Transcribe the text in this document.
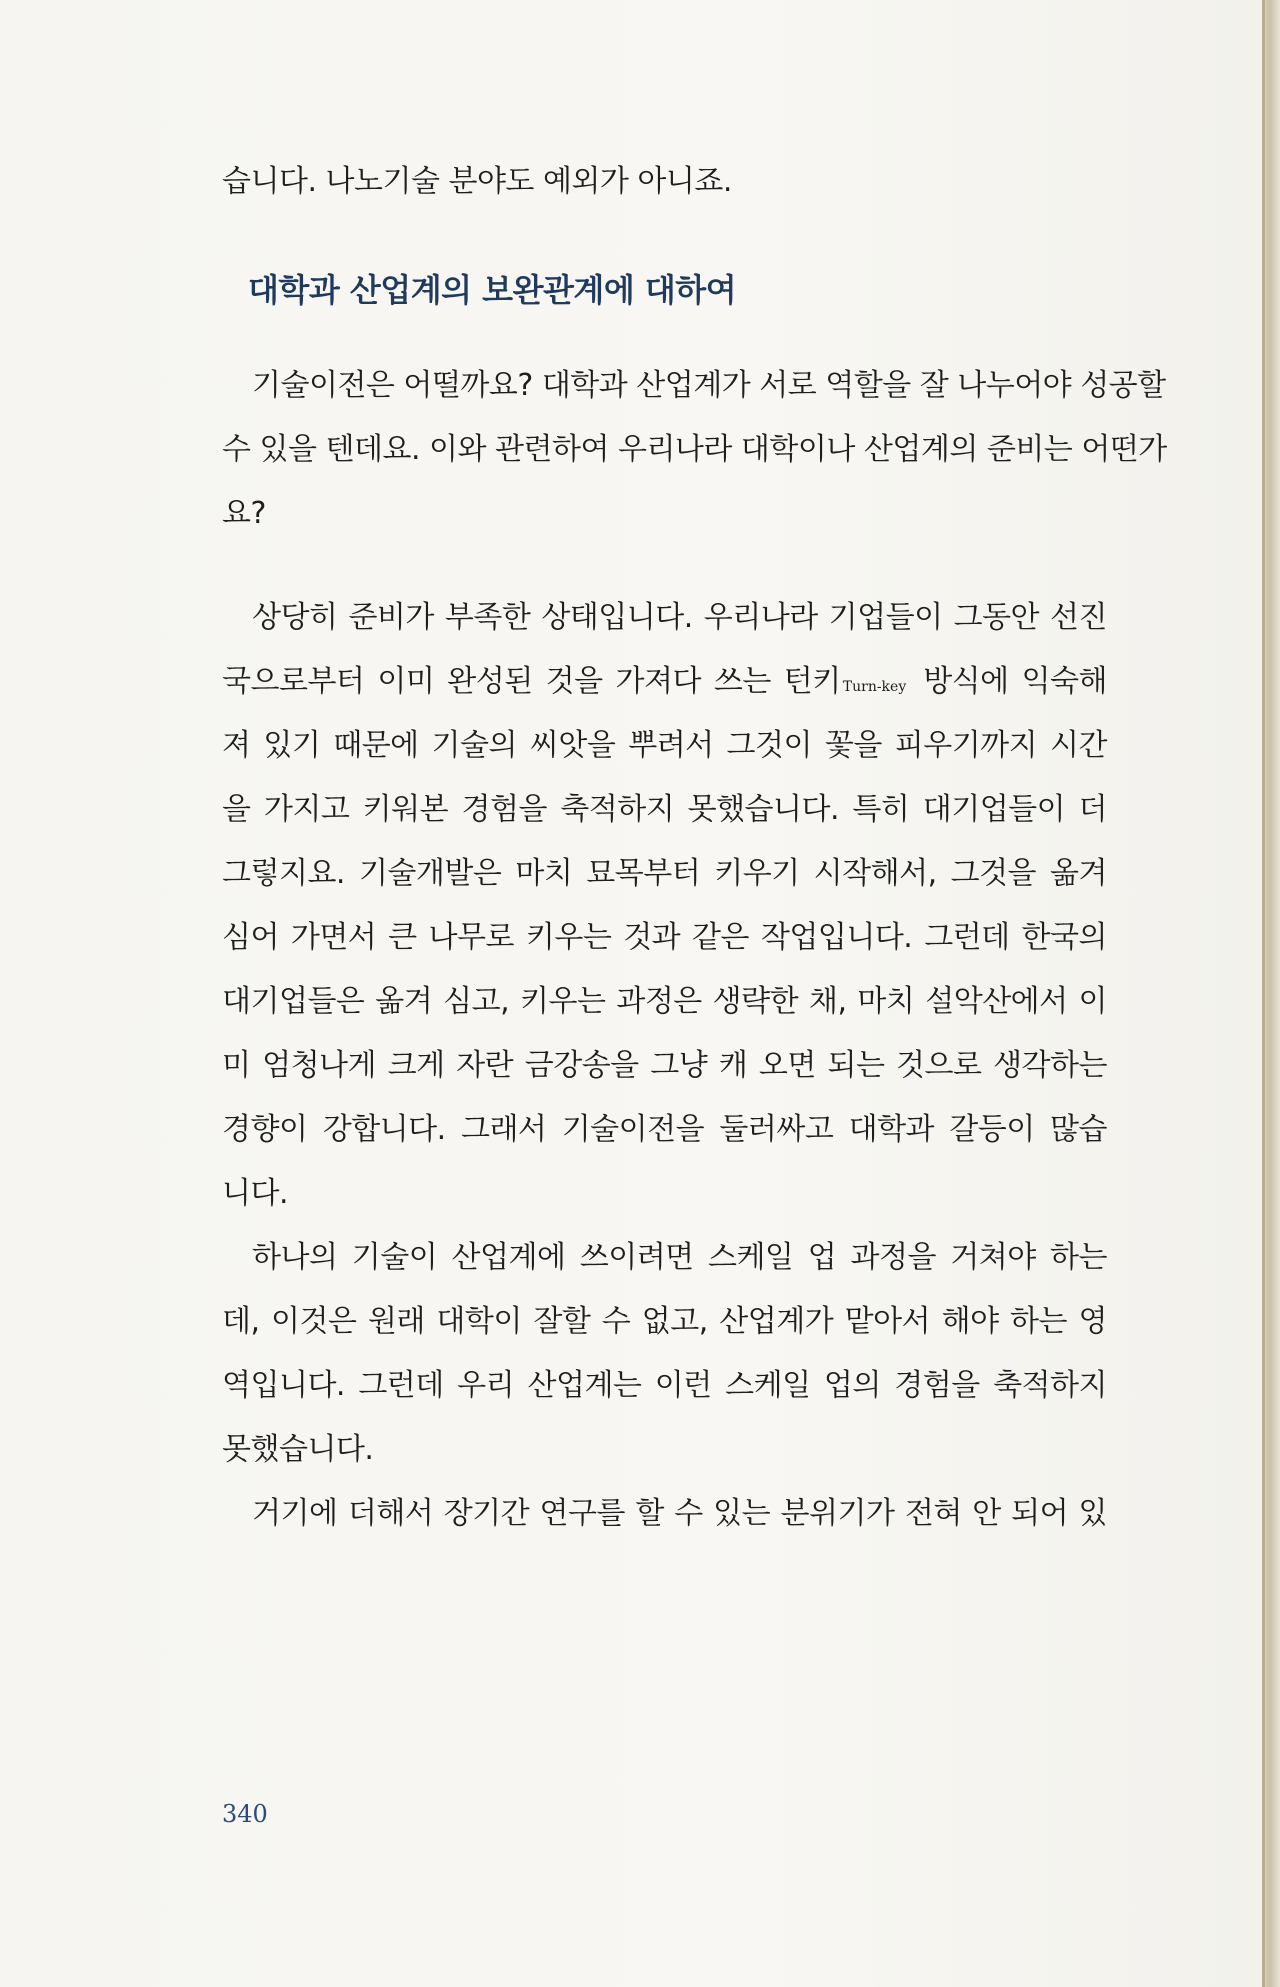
습니다. 나노기술 분야도 예외가 아니죠.
대학과 산업계의 보완관계에 대하여
기술이전은 어떨까요? 대학과 산업계가 서로 역할을 잘 나누어야 성공할
수 있을 텐데요. 이와 관련하여 우리나라 대학이나 산업계의 준비는 어떤가
요?
상당히 준비가 부족한 상태입니다. 우리나라 기업들이 그동안 선진
국으로부터 이미 완성된 것을 가져다 쓰는 턴키 Turn-key 방식에 익숙해
져 있기 때문에 기술의 씨앗을 뿌려서 그것이 꽃을 피우기까지 시간
을 가지고 키워본 경험을 축적하지 못했습니다. 특히 대기업들이 더
그렇지요. 기술개발은 마치 묘목부터 키우기 시작해서, 그것을 옮겨
심어 가면서 큰 나무로 키우는 것과 같은 작업입니다. 그런데 한국의
대기업들은 옮겨 심고, 키우는 과정은 생략한 채, 마치 설악산에서 이
미 엄청나게 크게 자란 금강송을 그냥 캐 오면 되는 것으로 생각하는
경향이 강합니다. 그래서 기술이전을 둘러싸고 대학과 갈등이 많습
니다.
하나의 기술이 산업계에 쓰이려면 스케일 업 과정을 거쳐야 하는
데, 이것은 원래 대학이 잘할 수 없고, 산업계가 맡아서 해야 하는 영
역입니다. 그런데 우리 산업계는 이런 스케일 업의 경험을 축적하지
못했습니다.
거기에 더해서 장기간 연구를 할 수 있는 분위기가 전혀 안 되어 있
340
